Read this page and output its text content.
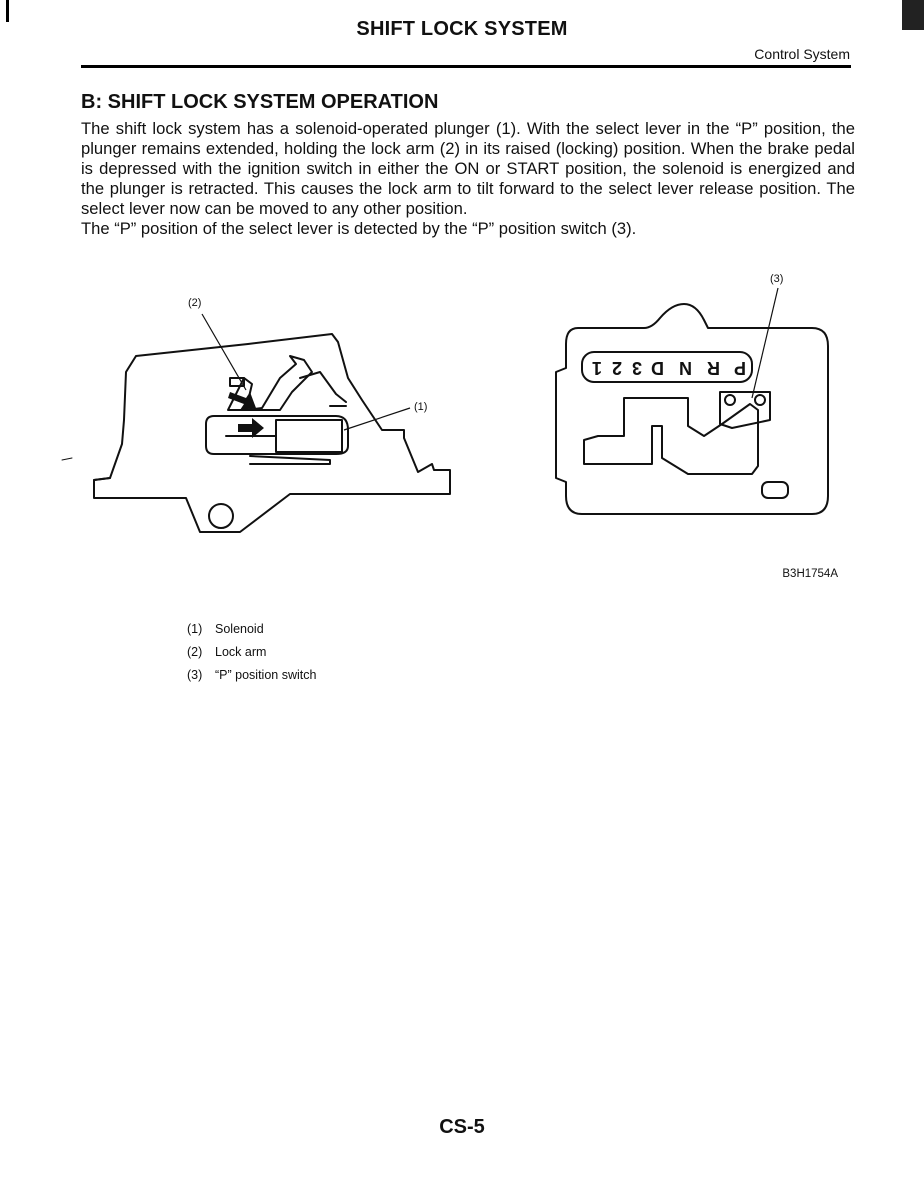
SHIFT LOCK SYSTEM
Control System
B: SHIFT LOCK SYSTEM OPERATION

The shift lock system has a solenoid-operated plunger (1). With the select lever in the “P” position, the plunger remains extended, holding the lock arm (2) in its raised (locking) position. When the brake pedal is depressed with the ignition switch in either the ON or START position, the solenoid is energized and the plunger is retracted. This causes the lock arm to tilt forward to the select lever release position. The select lever now can be moved to any other position.

The “P” position of the select lever is detected by the “P” position switch (3).

(2)
(1)
(3)
P
R
N
D
3
2
1
B3H1754A
(1)	Solenoid
(2)	Lock arm
(3)	“P” position switch
CS-5
